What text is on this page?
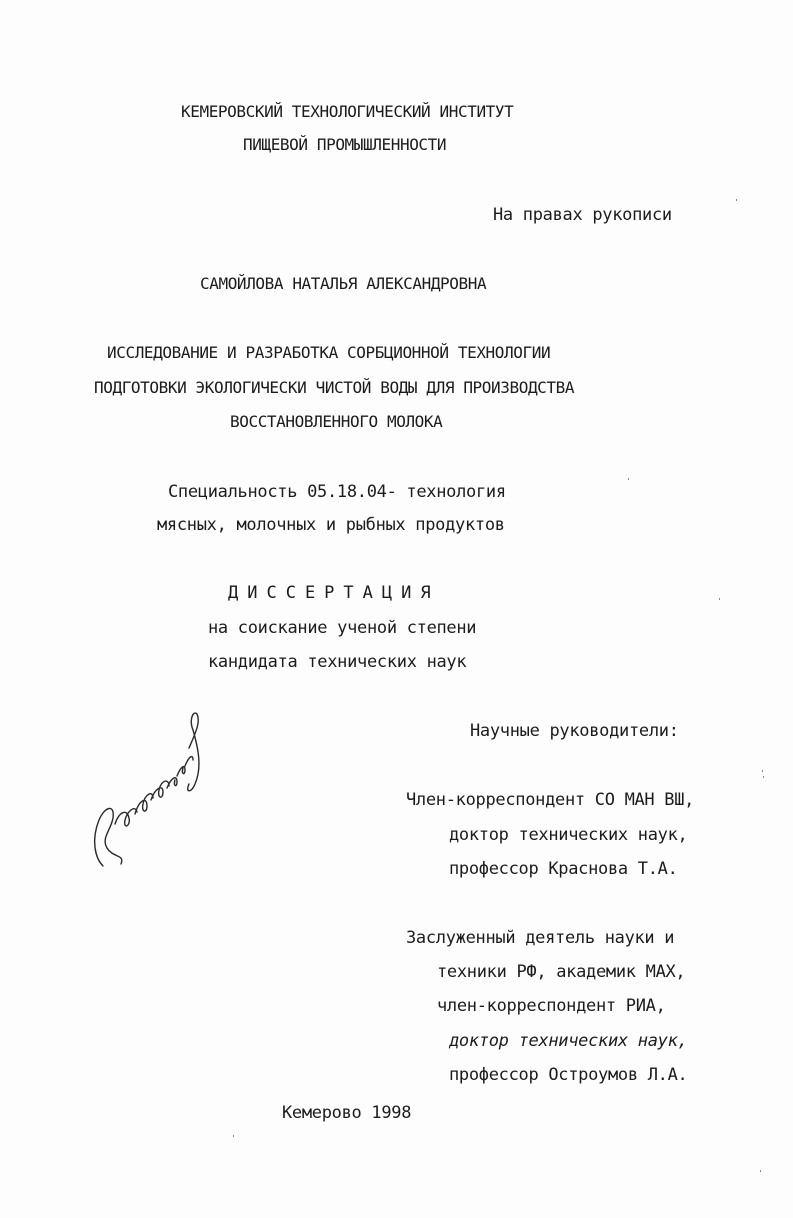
КЕМЕРОВСКИЙ ТЕХНОЛОГИЧЕСКИЙ ИНСТИТУТ
ПИЩЕВОЙ ПРОМЫШЛЕННОСТИ
На правах рукописи
САМОЙЛОВА НАТАЛЬЯ АЛЕКСАНДРОВНА
ИССЛЕДОВАНИЕ И РАЗРАБОТКА СОРБЦИОННОЙ ТЕХНОЛОГИИ
ПОДГОТОВКИ ЭКОЛОГИЧЕСКИ ЧИСТОЙ ВОДЫ ДЛЯ ПРОИЗВОДСТВА
ВОССТАНОВЛЕННОГО МОЛОКА
Специальность 05.18.04- технология
мясных, молочных и рыбных продуктов
ДИССЕРТАЦИЯ
на соискание ученой степени
кандидата технических наук
Научные руководители:
Член-корреспондент СО МАН ВШ,
доктор технических наук,
профессор Краснова Т.А.
Заслуженный деятель науки и
техники РФ, академик МАХ,
член-корреспондент РИА,
доктор технических наук,
профессор Остроумов Л.А.
Кемерово 1998
